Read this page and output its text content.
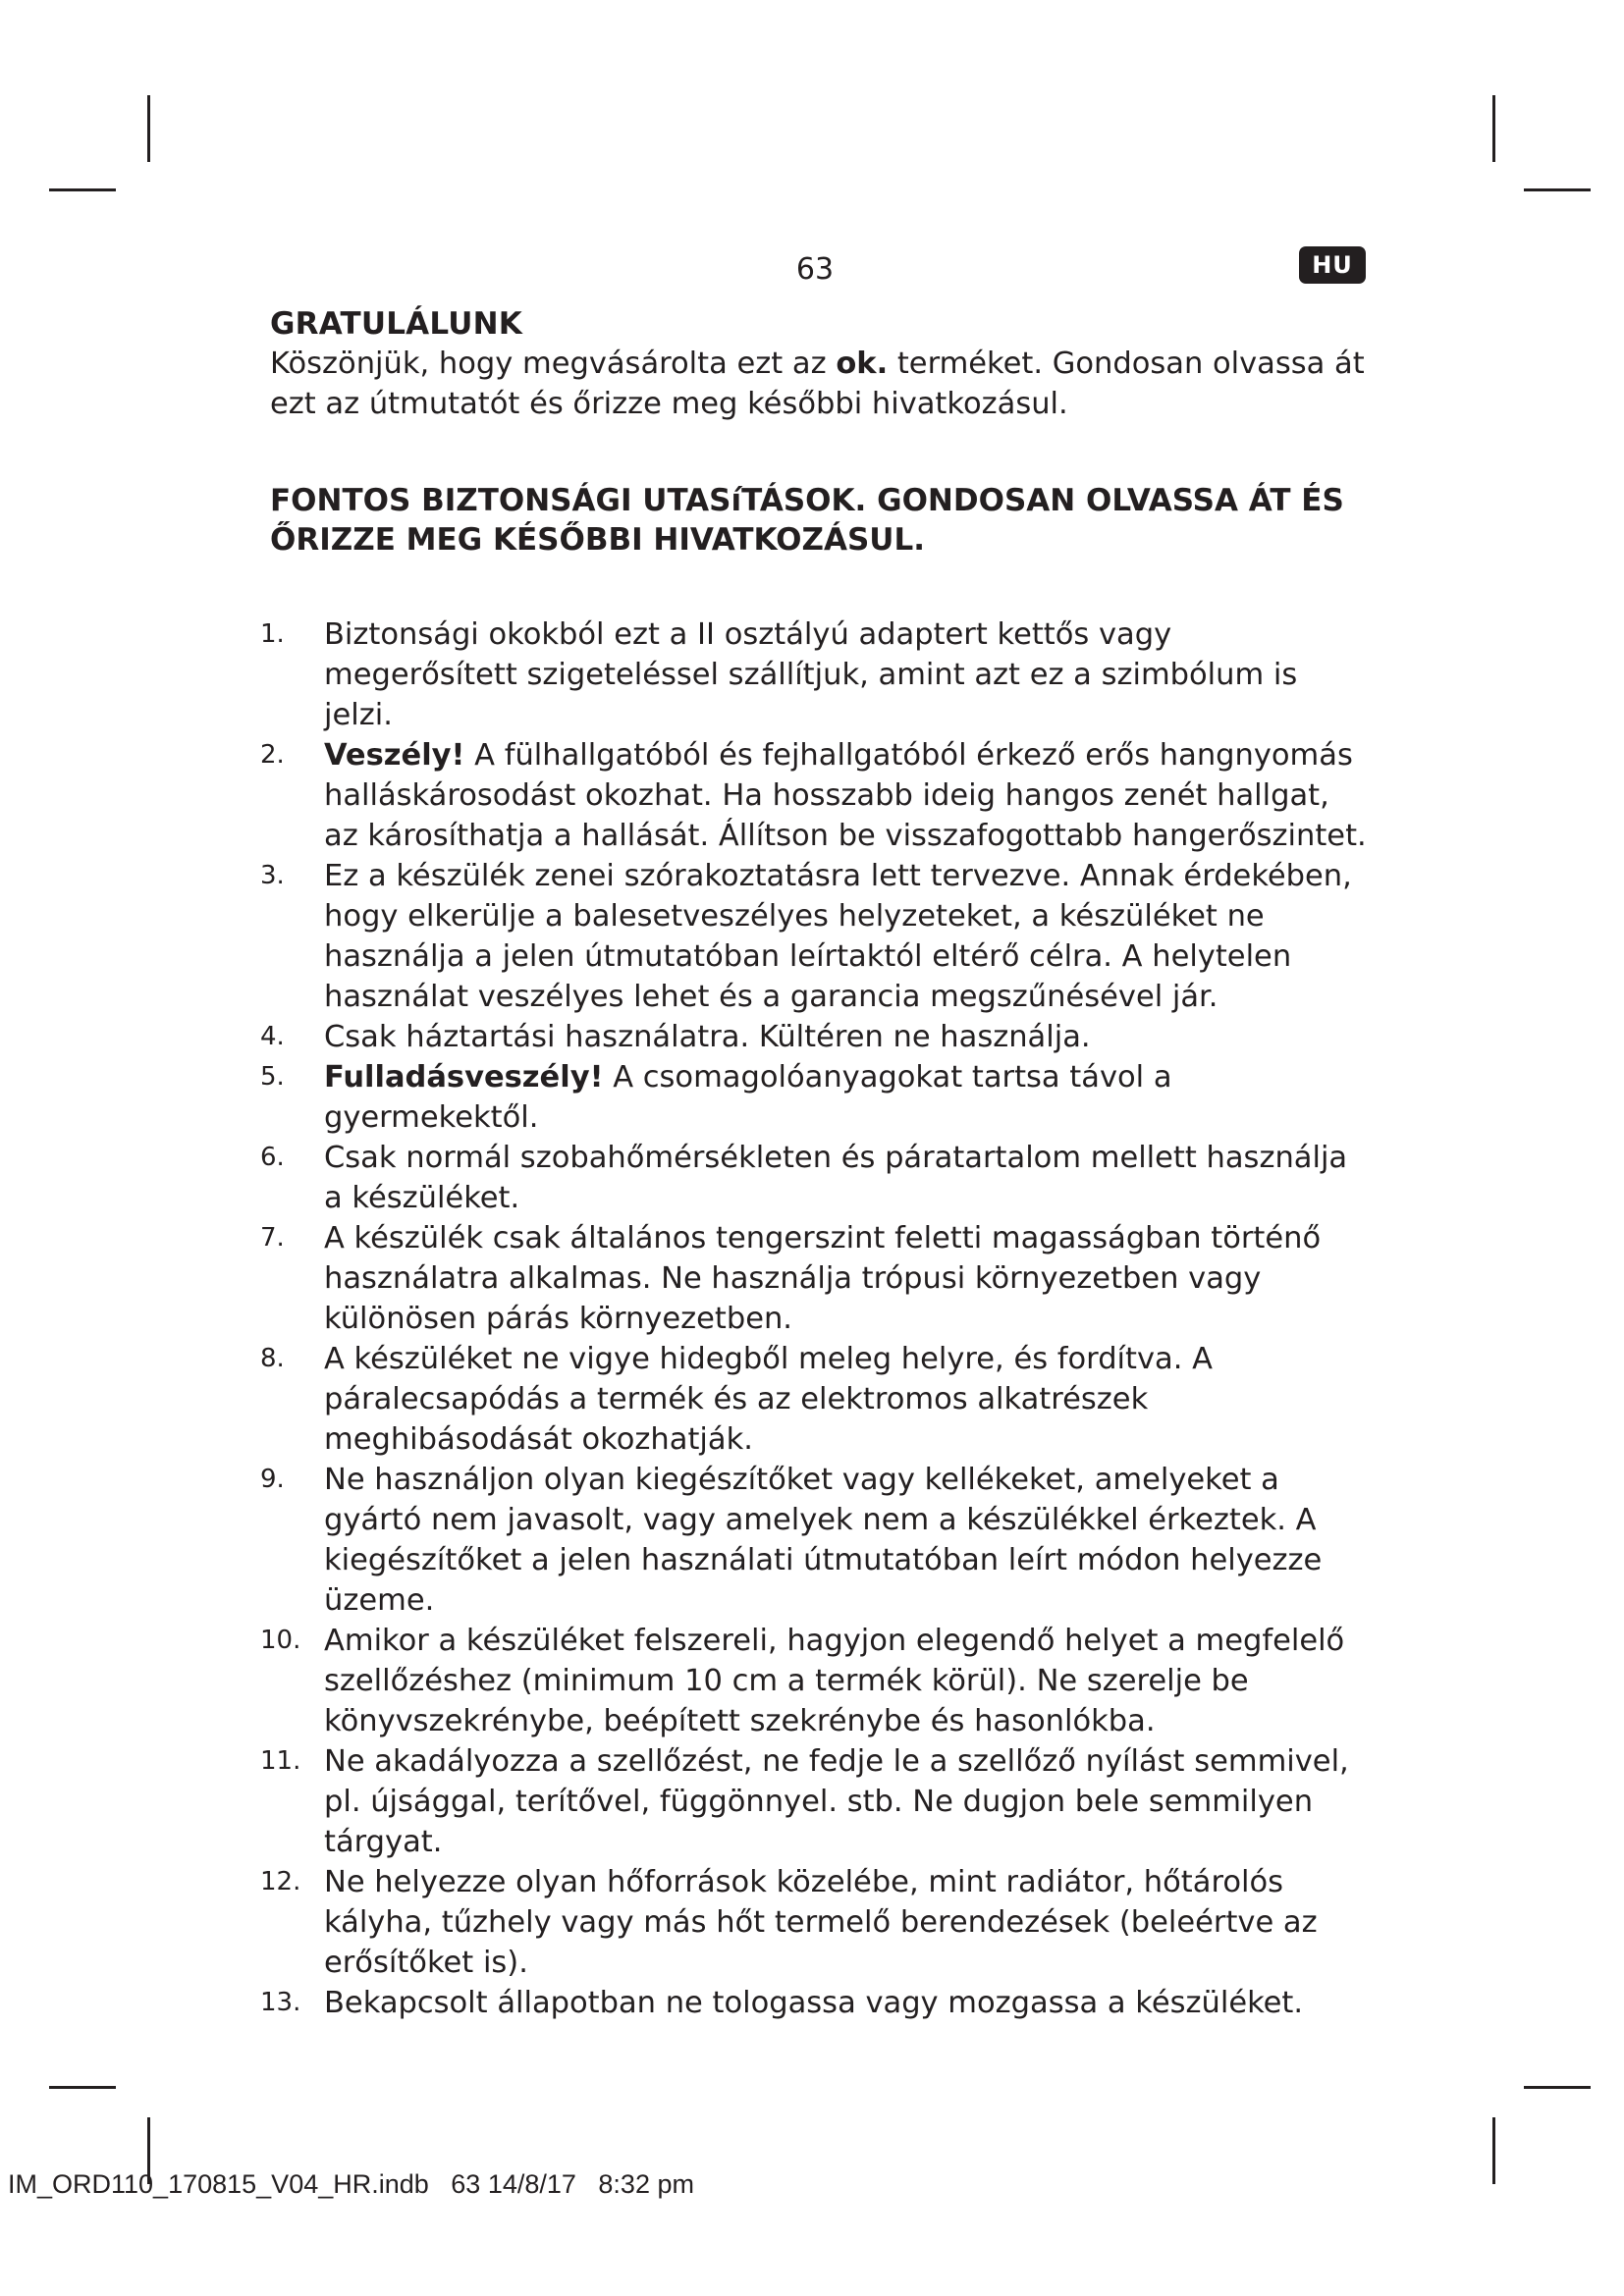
63	HU
GRATULÁLUNK

Köszönjük, hogy megvásárolta ezt az ok. terméket. Gondosan olvassa át ezt az útmutatót és őrizze meg későbbi hivatkozásul.

FONTOS BIZTONSÁGI UTASíTÁSOK. GONDOSAN OLVASSA ÁT ÉS ŐRIZZE MEG KÉSŐBBI HIVATKOZÁSUL.
1. Biztonsági okokból ezt a II osztályú adaptert kettős vagy megerősített szigeteléssel szállítjuk, amint azt ez a szimbólum is jelzi.
2. Veszély! A fülhallgatóból és fejhallgatóból érkező erős hangnyomás halláskárosodást okozhat. Ha hosszabb ideig hangos zenét hallgat, az károsíthatja a hallását. Állítson be visszafogottabb hangerőszintet.
3. Ez a készülék zenei szórakoztatásra lett tervezve. Annak érdekében, hogy elkerülje a balesetveszélyes helyzeteket, a készüléket ne használja a jelen útmutatóban leírtaktól eltérő célra. A helytelen használat veszélyes lehet és a garancia megszűnésével jár.
4. Csak háztartási használatra. Kültéren ne használja.
5. Fulladásveszély! A csomagolóanyagokat tartsa távol a gyermekektől.
6. Csak normál szobahőmérsékleten és páratartalom mellett használja a készüléket.
7. A készülék csak általános tengerszint feletti magasságban történő használatra alkalmas. Ne használja trópusi környezetben vagy különösen párás környezetben.
8. A készüléket ne vigye hidegből meleg helyre, és fordítva. A páralecsapódás a termék és az elektromos alkatrészek meghibásodását okozhatják.
9. Ne használjon olyan kiegészítőket vagy kellékeket, amelyeket a gyártó nem javasolt, vagy amelyek nem a készülékkel érkeztek. A kiegészítőket a jelen használati útmutatóban leírt módon helyezze üzeme.
10. Amikor a készüléket felszereli, hagyjon elegendő helyet a megfelelő szellőzéshez (minimum 10 cm a termék körül). Ne szerelje be könyvszekrénybe, beépített szekrénybe és hasonlókba.
11. Ne akadályozza a szellőzést, ne fedje le a szellőző nyílást semmivel, pl. újsággal, terítővel, függönnyel. stb. Ne dugjon bele semmilyen tárgyat.
12. Ne helyezze olyan hőforrások közelébe, mint radiátor, hőtárolós kályha, tűzhely vagy más hőt termelő berendezések (beleértve az erősítőket is).
13. Bekapcsolt állapotban ne tologassa vagy mozgassa a készüléket.
IM_ORD110_170815_V04_HR.indb   63 14/8/17   8:32 pm
